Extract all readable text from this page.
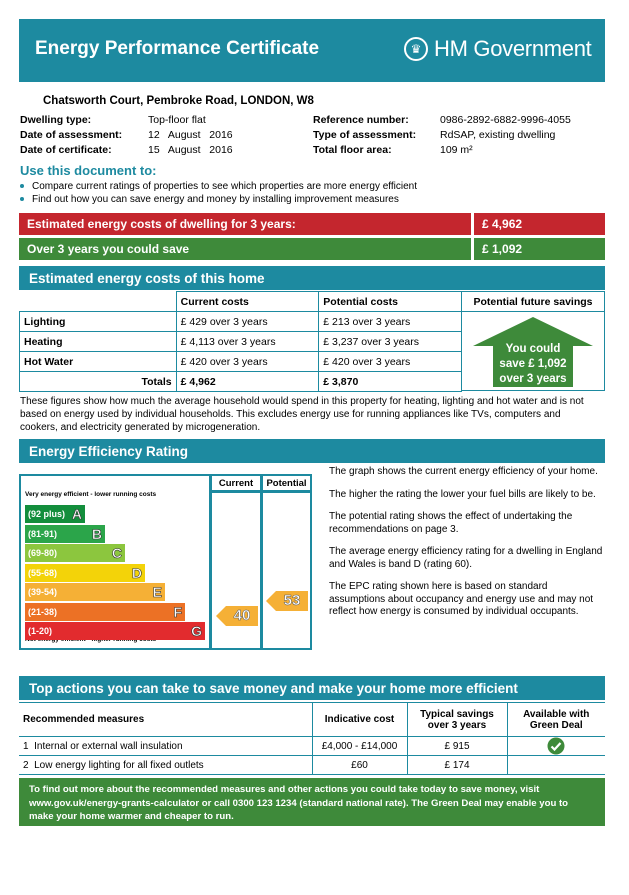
Energy Performance Certificate	♛ HM Government
Chatsworth Court, Pembroke Road, LONDON, W8
Dwelling type:	Top-floor flat
Date of assessment: 12   August   2016
Date of certificate:	15   August   2016
Reference number:	0986-2892-6882-9996-4055
Type of assessment: RdSAP, existing dwelling
Total floor area:	109 m²
Use this document to:
Compare current ratings of properties to see which properties are more energy efficient
Find out how you can save energy and money by installing improvement measures
Estimated energy costs of dwelling for 3 years:	£ 4,962
Over 3 years you could save	£ 1,092
Estimated energy costs of this home
	Current costs	Potential costs
Lighting	£ 429 over 3 years	£ 213 over 3 years
Heating	£ 4,113 over 3 years	£ 3,237 over 3 years
Hot Water	£ 420 over 3 years	£ 420 over 3 years
Totals	£ 4,962	£ 3,870
Potential future savings
You could
save £ 1,092
over 3 years
These figures show how much the average household would spend in this property for heating, lighting and hot water and is not based on energy used by individual households. This excludes energy use for running appliances like TVs, computers and cookers, and electricity generated by microgeneration.
Energy Efficiency Rating
Current	Potential
Very energy efficient - lower running costs
(92 plus) A
(81-91) B
(69-80)	C
(55-68)	D
(39-54)	E
(21-38)	F
(1-20)	G
40
53

The graph shows the current energy efficiency of your home.

The higher the rating the lower your fuel bills are likely to be.

The potential rating shows the effect of undertaking the recommendations on page 3.

The average energy efficiency rating for a dwelling in England and Wales is band D (rating 60).

The EPC rating shown here is based on standard assumptions about occupancy and energy use and may not reflect how energy is consumed by individual occupants.

Top actions you can take to save money and make your home more efficient
Recommended measures	Indicative cost	Typical savings over 3 years	Available with Green Deal
1 Internal or external wall insulation	£4,000 - £14,000	£ 915	
2 Low energy lighting for all fixed outlets	£60	£ 174	
To find out more about the recommended measures and other actions you could take today to save money, visit www.gov.uk/energy-grants-calculator or call 0300 123 1234 (standard national rate). The Green Deal may enable you to make your home warmer and cheaper to run.
